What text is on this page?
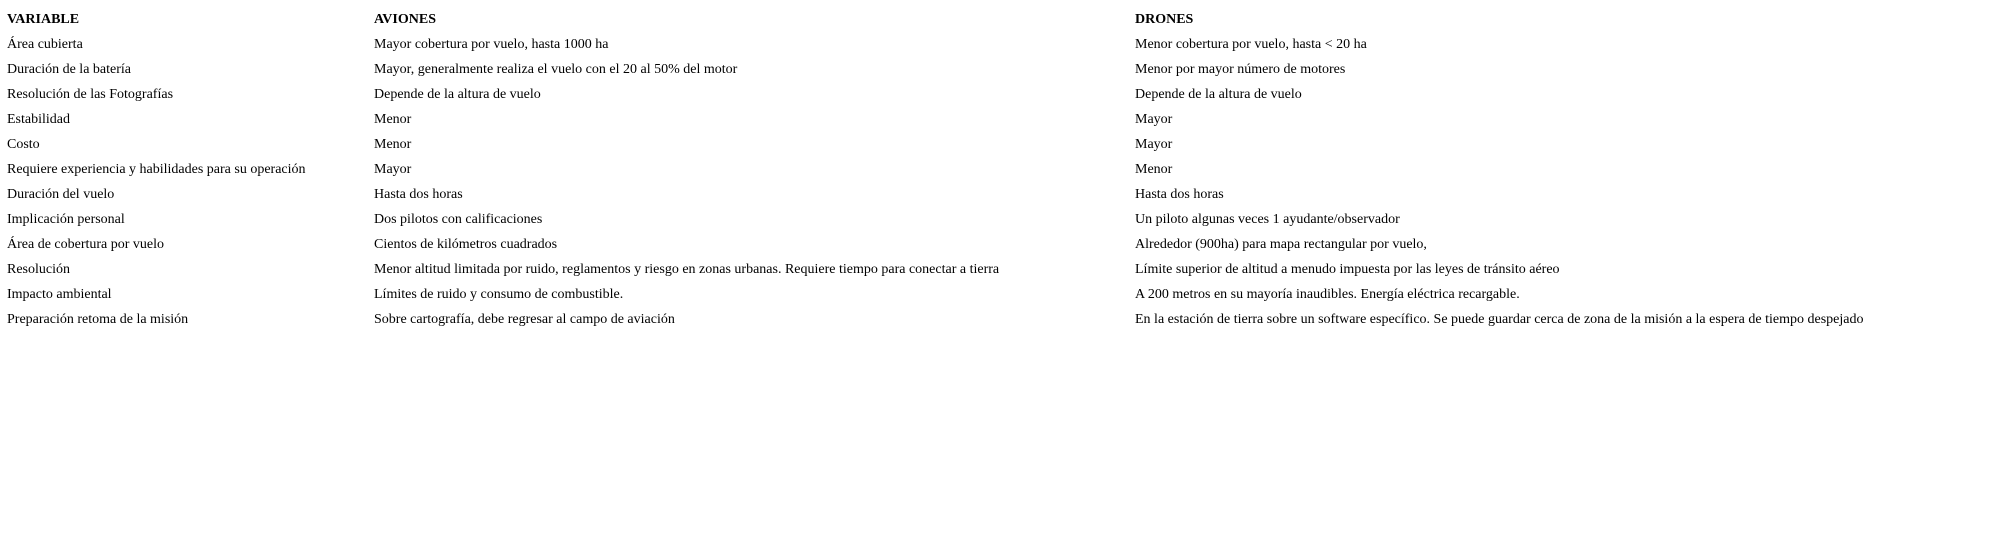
VARIABLE	AVIONES	DRONES
Área cubierta	Mayor cobertura por vuelo, hasta 1000 ha	Menor cobertura por vuelo, hasta < 20 ha
Duración de la batería	Mayor, generalmente realiza el vuelo con el 20 al 50% del motor	Menor por mayor número de motores
Resolución de las Fotografías	Depende de la altura de vuelo	Depende de la altura de vuelo
Estabilidad	Menor	Mayor
Costo	Menor	Mayor
Requiere experiencia y habilidades para su operación	Mayor	Menor
Duración del vuelo	Hasta dos horas	Hasta dos horas
Implicación personal	Dos pilotos con calificaciones	Un piloto algunas veces 1 ayudante/observador
Área de cobertura por vuelo	Cientos de kilómetros cuadrados	Alrededor (900ha) para mapa rectangular por vuelo,
Resolución	Menor altitud limitada por ruido, reglamentos y riesgo en zonas urbanas. Requiere tiempo para conectar a tierra	Límite superior de altitud a menudo impuesta por las leyes de tránsito aéreo
Impacto ambiental	Límites de ruido y consumo de combustible.	A 200 metros en su mayoría inaudibles. Energía eléctrica recargable.
Preparación retoma de la misión	Sobre cartografía, debe regresar al campo de aviación	En la estación de tierra sobre un software específico. Se puede guardar cerca de zona de la misión a la espera de tiempo despejado
